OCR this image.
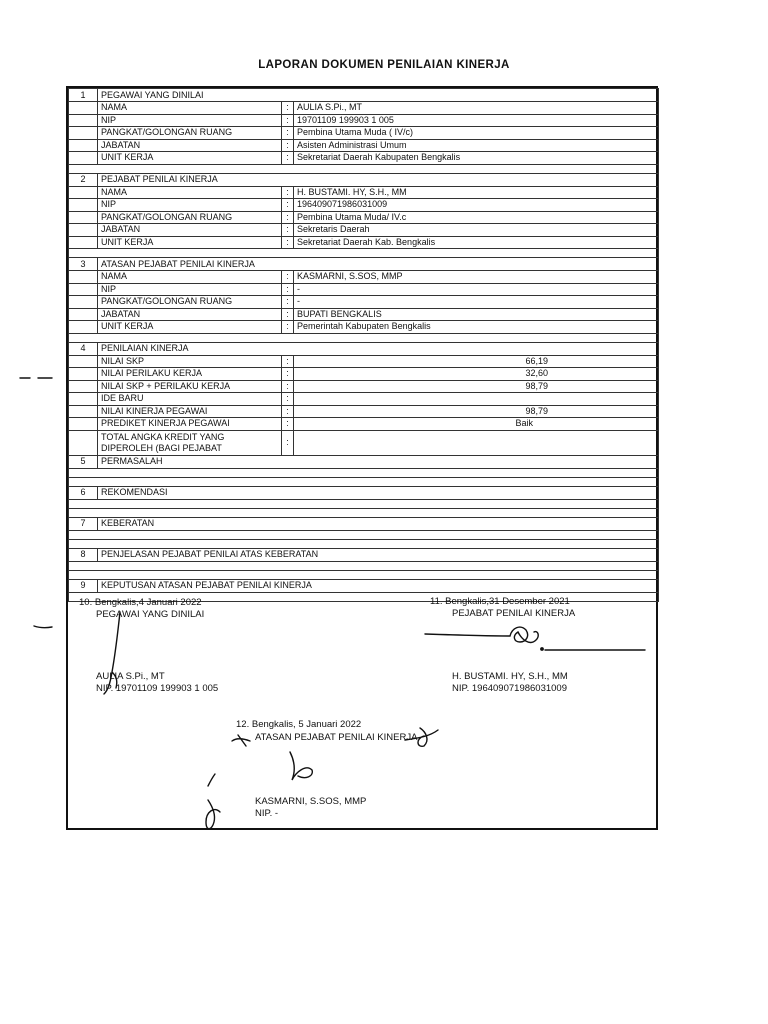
LAPORAN DOKUMEN PENILAIAN KINERJA
1	PEGAWAI YANG DINILAI		
	NAMA	:	AULIA S.Pi., MT
	NIP	:	19701109 199903 1 005
	PANGKAT/GOLONGAN RUANG	:	Pembina Utama Muda ( IV/c)
	JABATAN	:	Asisten Administrasi Umum
	UNIT KERJA	:	Sekretariat Daerah Kabupaten Bengkalis

2	PEJABAT PENILAI KINERJA		
	NAMA	:	H. BUSTAMI. HY, S.H., MM
	NIP	:	196409071986031009
	PANGKAT/GOLONGAN RUANG	:	Pembina Utama Muda/ IV.c
	JABATAN	:	Sekretaris Daerah
	UNIT KERJA	:	Sekretariat Daerah Kab. Bengkalis

3	ATASAN PEJABAT PENILAI KINERJA		
	NAMA	:	KASMARNI, S.SOS, MMP
	NIP	:	-
	PANGKAT/GOLONGAN RUANG	:	-
	JABATAN	:	BUPATI BENGKALIS
	UNIT KERJA	:	Pemerintah Kabupaten Bengkalis

4	PENILAIAN KINERJA		
	NILAI SKP	:	66,19
	NILAI PERILAKU KERJA	:	32,60
	NILAI SKP + PERILAKU KERJA	:	98,79
	IDE BARU	:	
	NILAI KINERJA PEGAWAI	:	98,79
	PREDIKET KINERJA PEGAWAI	:	Baik
	TOTAL ANGKA KREDIT YANG DIPEROLEH (BAGI PEJABAT	:	
5	PERMASALAH		

6	REKOMENDASI		

7	KEBERATAN		

8	PENJELASAN PEJABAT PENILAI ATAS KEBERATAN		

9	KEPUTUSAN ATASAN PEJABAT PENILAI KINERJA		

10. Bengkalis,4 Januari 2022
PEGAWAI YANG DINILAI
AULIA S.Pi., MT
NIP. 19701109 199903 1 005
11. Bengkalis,31 Desember 2021
PEJABAT PENILAI KINERJA
H. BUSTAMI. HY, S.H., MM
NIP. 196409071986031009
12. Bengkalis, 5 Januari 2022
ATASAN PEJABAT PENILAI KINERJA
KASMARNI, S.SOS, MMP
NIP. -
